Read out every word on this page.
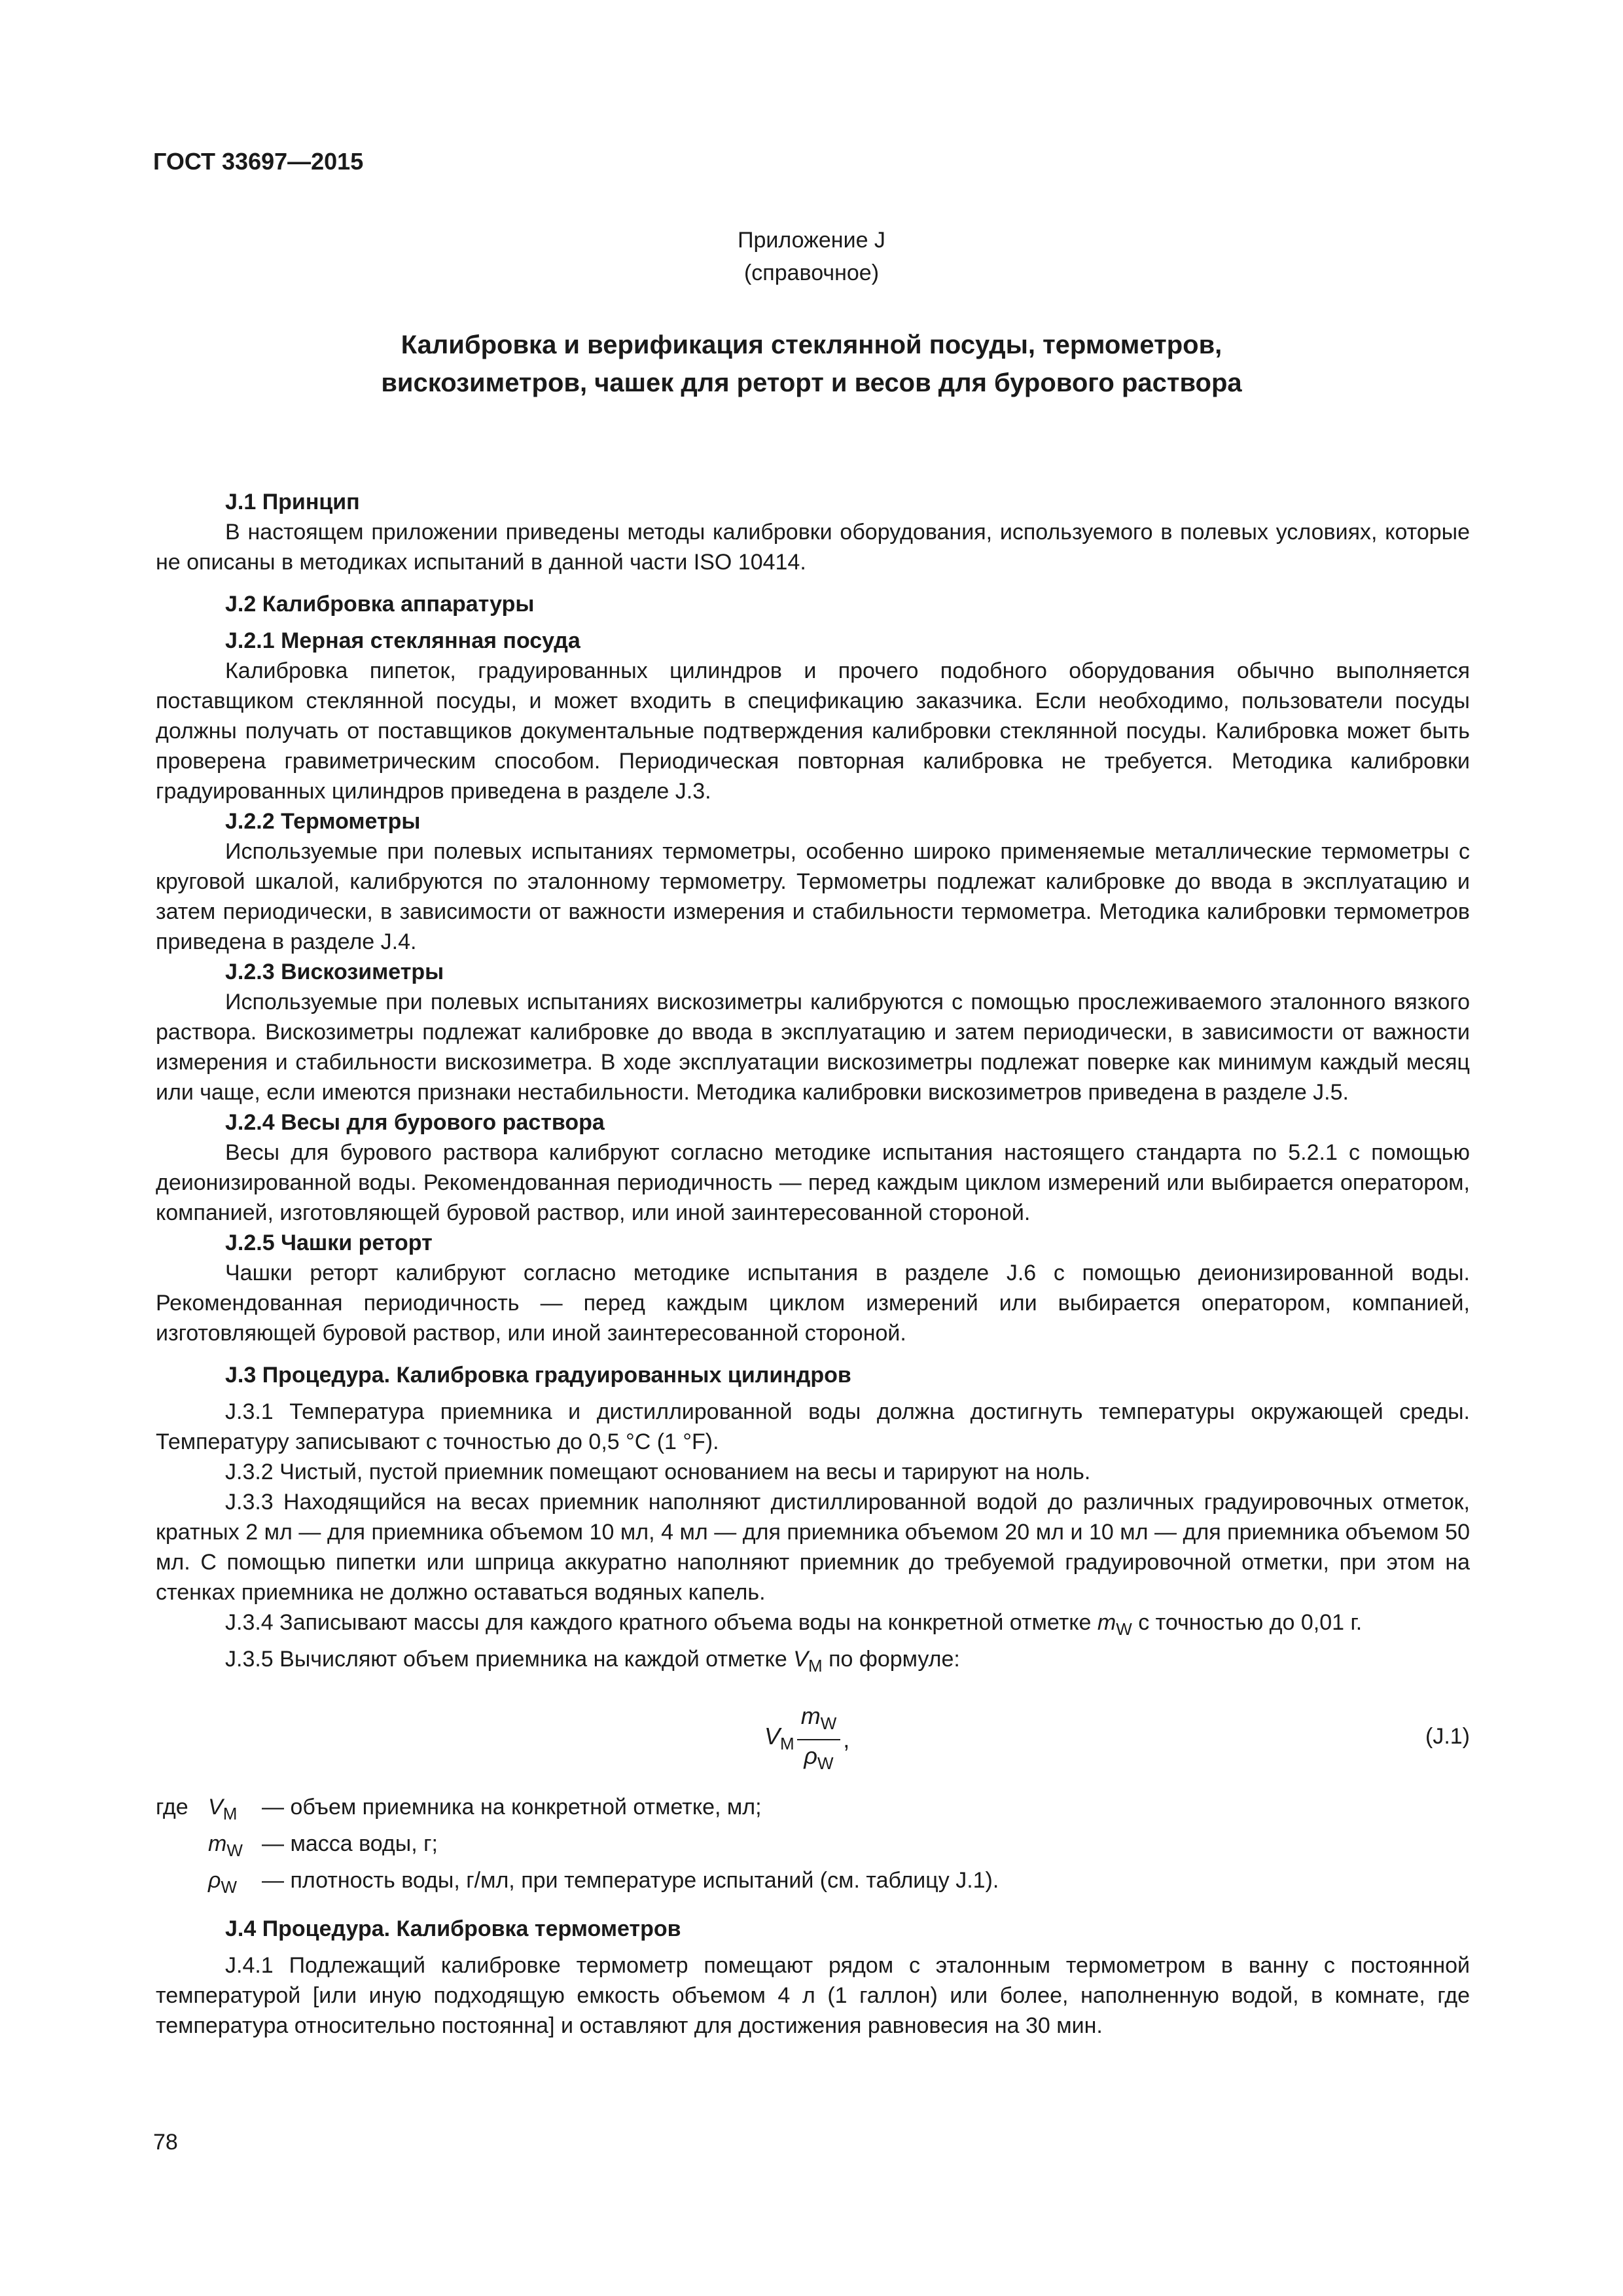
ГОСТ 33697—2015
Приложение J
(справочное)
Калибровка и верификация стеклянной посуды, термометров,
вискозиметров, чашек для реторт и весов для бурового раствора
J.1 Принцип

В настоящем приложении приведены методы калибровки оборудования, используемого в полевых условиях, которые не описаны в методиках испытаний в данной части ISO 10414.

J.2 Калибровка аппаратуры
J.2.1 Мерная стеклянная посуда

Калибровка пипеток, градуированных цилиндров и прочего подобного оборудования обычно выполняется поставщиком стеклянной посуды, и может входить в спецификацию заказчика. Если необходимо, пользователи посуды должны получать от поставщиков документальные подтверждения калибровки стеклянной посуды. Калибровка может быть проверена гравиметрическим способом. Периодическая повторная калибровка не требуется. Методика калибровки градуированных цилиндров приведена в разделе J.3.

J.2.2 Термометры

Используемые при полевых испытаниях термометры, особенно широко применяемые металлические термометры с круговой шкалой, калибруются по эталонному термометру. Термометры подлежат калибровке до ввода в эксплуатацию и затем периодически, в зависимости от важности измерения и стабильности термометра. Методика калибровки термометров приведена в разделе J.4.

J.2.3 Вискозиметры

Используемые при полевых испытаниях вискозиметры калибруются с помощью прослеживаемого эталонного вязкого раствора. Вискозиметры подлежат калибровке до ввода в эксплуатацию и затем периодически, в зависимости от важности измерения и стабильности вискозиметра. В ходе эксплуатации вискозиметры подлежат поверке как минимум каждый месяц или чаще, если имеются признаки нестабильности. Методика калибровки вискозиметров приведена в разделе J.5.

J.2.4 Весы для бурового раствора

Весы для бурового раствора калибруют согласно методике испытания настоящего стандарта по 5.2.1 с помощью деионизированной воды. Рекомендованная периодичность — перед каждым циклом измерений или выбирается оператором, компанией, изготовляющей буровой раствор, или иной заинтересованной стороной.

J.2.5 Чашки реторт

Чашки реторт калибруют согласно методике испытания в разделе J.6 с помощью деионизированной воды. Рекомендованная периодичность — перед каждым циклом измерений или выбирается оператором, компанией, изготовляющей буровой раствор, или иной заинтересованной стороной.

J.3 Процедура. Калибровка градуированных цилиндров

J.3.1 Температура приемника и дистиллированной воды должна достигнуть температуры окружающей среды. Температуру записывают с точностью до 0,5 °C (1 °F).

J.3.2 Чистый, пустой приемник помещают основанием на весы и тарируют на ноль.

J.3.3 Находящийся на весах приемник наполняют дистиллированной водой до различных градуировочных отметок, кратных 2 мл — для приемника объемом 10 мл, 4 мл — для приемника объемом 20 мл и 10 мл — для приемника объемом 50 мл. С помощью пипетки или шприца аккуратно наполняют приемник до требуемой градуировочной отметки, при этом на стенках приемника не должно оставаться водяных капель.

J.3.4 Записывают массы для каждого кратного объема воды на конкретной отметке $m_W$ с точностью до 0,01 г.

J.3.5 Вычисляют объем приемника на каждой отметке $V_M$ по формуле:

$V_M \frac{m_W}{\rho_W}$ ,	(J.1)
где $V_M$	— объем приемника на конкретной отметке, мл;
$m_W$ — масса воды, г;
$\rho_W$	— плотность воды, г/мл, при температуре испытаний (см. таблицу J.1).
J.4 Процедура. Калибровка термометров

J.4.1 Подлежащий калибровке термометр помещают рядом с эталонным термометром в ванну с постоянной температурой [или иную подходящую емкость объемом 4 л (1 галлон) или более, наполненную водой, в комнате, где температура относительно постоянна] и оставляют для достижения равновесия на 30 мин.

78
